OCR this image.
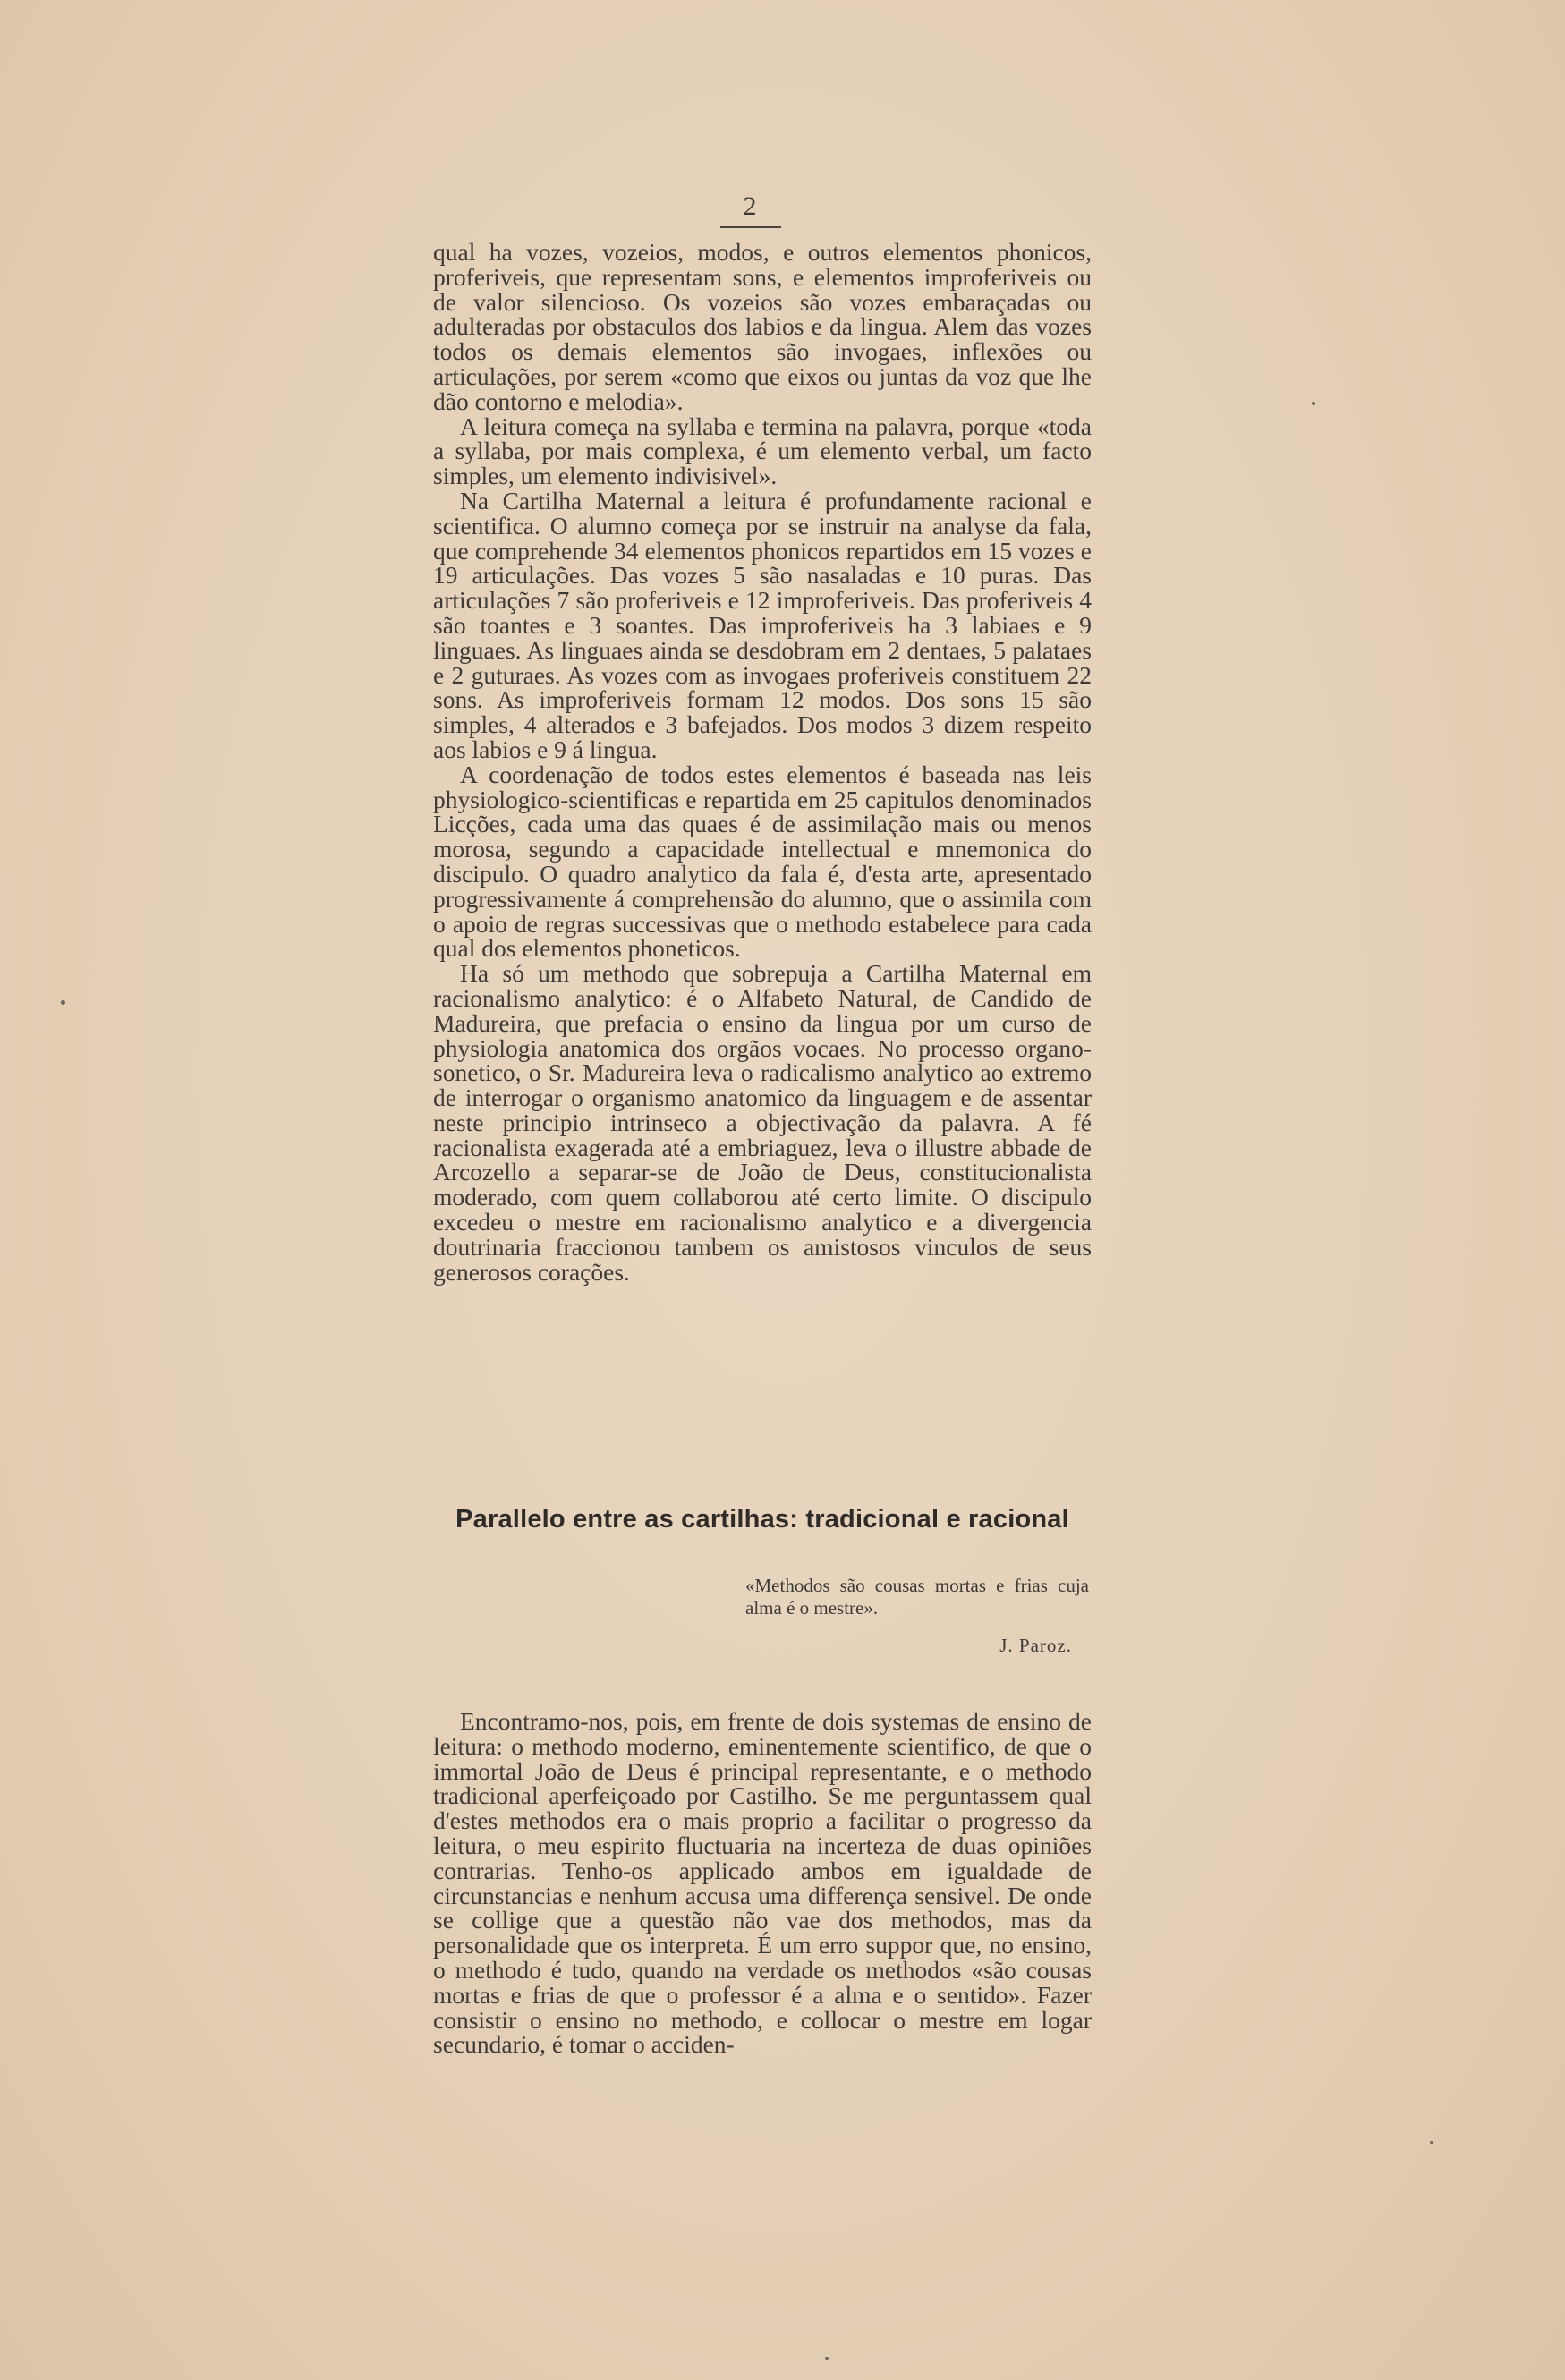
2

qual ha vozes, vozeios, modos, e outros elementos phonicos, proferiveis, que representam sons, e elementos improferiveis ou de valor silencioso. Os vozeios são vozes embaraçadas ou adulteradas por obstaculos dos labios e da lingua. Alem das vozes todos os demais elementos são invogaes, inflexões ou articulações, por serem «como que eixos ou juntas da voz que lhe dão contorno e melodia».

A leitura começa na syllaba e termina na palavra, porque «toda a syllaba, por mais complexa, é um elemento verbal, um facto simples, um elemento indivisivel».

Na Cartilha Maternal a leitura é profundamente racional e scientifica. O alumno começa por se instruir na analyse da fala, que comprehende 34 elementos phonicos repartidos em 15 vozes e 19 articulações. Das vozes 5 são nasaladas e 10 puras. Das articulações 7 são proferiveis e 12 improferiveis. Das proferiveis 4 são toantes e 3 soantes. Das improferiveis ha 3 labiaes e 9 linguaes. As linguaes ainda se desdobram em 2 dentaes, 5 palataes e 2 guturaes. As vozes com as invogaes proferiveis constituem 22 sons. As improferiveis formam 12 modos. Dos sons 15 são simples, 4 alterados e 3 bafejados. Dos modos 3 dizem respeito aos labios e 9 á lingua.

A coordenação de todos estes elementos é baseada nas leis physiologico-scientificas e repartida em 25 capitulos denominados Licções, cada uma das quaes é de assimilação mais ou menos morosa, segundo a capacidade intellectual e mnemonica do discipulo. O quadro analytico da fala é, d'esta arte, apresentado progressivamente á comprehensão do alumno, que o assimila com o apoio de regras successivas que o methodo estabelece para cada qual dos elementos phoneticos.

Ha só um methodo que sobrepuja a Cartilha Maternal em racionalismo analytico: é o Alfabeto Natural, de Candido de Madureira, que prefacia o ensino da lingua por um curso de physiologia anatomica dos orgãos vocaes. No processo organo-sonetico, o Sr. Madureira leva o radicalismo analytico ao extremo de interrogar o organismo anatomico da linguagem e de assentar neste principio intrinseco a objectivação da palavra. A fé racionalista exagerada até a embriaguez, leva o illustre abbade de Arcozello a separar-se de João de Deus, constitucionalista moderado, com quem collaborou até certo limite. O discipulo excedeu o mestre em racionalismo analytico e a divergencia doutrinaria fraccionou tambem os amistosos vinculos de seus generosos corações.

Parallelo entre as cartilhas: tradicional e racional

«Methodos são cousas mortas e frias cuja alma é o mestre».

J. Paroz.

Encontramo-nos, pois, em frente de dois systemas de ensino de leitura: o methodo moderno, eminentemente scientifico, de que o immortal João de Deus é principal representante, e o methodo tradicional aperfeiçoado por Castilho. Se me perguntassem qual d'estes methodos era o mais proprio a facilitar o progresso da leitura, o meu espirito fluctuaria na incerteza de duas opiniões contrarias. Tenho-os applicado ambos em igualdade de circunstancias e nenhum accusa uma differença sensivel. De onde se collige que a questão não vae dos methodos, mas da personalidade que os interpreta. É um erro suppor que, no ensino, o methodo é tudo, quando na verdade os methodos «são cousas mortas e frias de que o professor é a alma e o sentido». Fazer consistir o ensino no methodo, e collocar o mestre em logar secundario, é tomar o acciden-
